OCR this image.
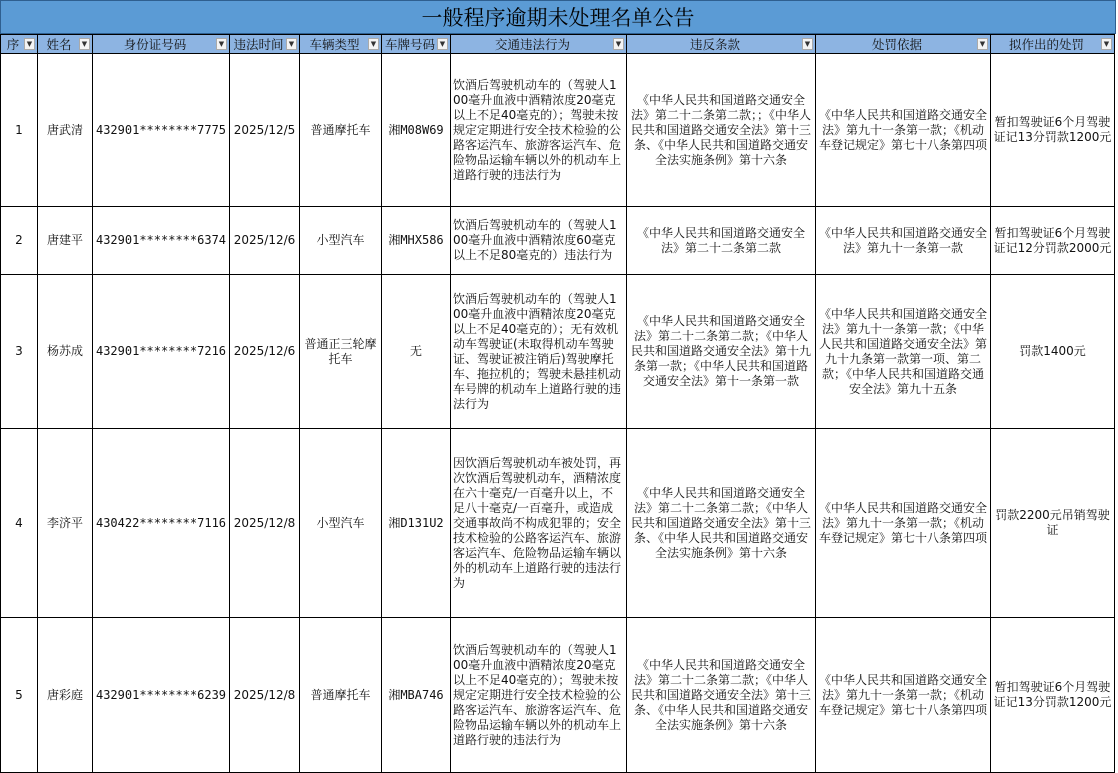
一般程序逾期未处理名单公告
序 ▼	姓名 ▼	身份证号码 ▼	违法时间 ▼	车辆类型 ▼	车牌号码 ▼	交通违法行为 ▼	违反条款 ▼	处罚依据 ▼	拟作出的处罚 ▼

1	唐武清	432901********7775	2025/12/5	普通摩托车	湘M08W69	饮酒后驾驶机动车的（驾驶人100毫升血液中酒精浓度20毫克以上不足40毫克的）；驾驶未按规定定期进行安全技术检验的公路客运汽车、旅游客运汽车、危险物品运输车辆以外的机动车上道路行驶的违法行为	《中华人民共和国道路交通安全法》第二十二条第二款；；《中华人民共和国道路交通安全法》第十三条、《中华人民共和国道路交通安全法实施条例》第十六条	《中华人民共和国道路交通安全法》第九十一条第一款；《机动车登记规定》第七十八条第四项	暂扣驾驶证6个月驾驶证记13分罚款1200元
2	唐建平	432901********6374	2025/12/6	小型汽车	湘MHX586	饮酒后驾驶机动车的（驾驶人100毫升血液中酒精浓度60毫克以上不足80毫克的）违法行为	《中华人民共和国道路交通安全法》第二十二条第二款	《中华人民共和国道路交通安全法》第九十一条第一款	暂扣驾驶证6个月驾驶证记12分罚款2000元
3	杨苏成	432901********7216	2025/12/6	普通正三轮摩托车	无	饮酒后驾驶机动车的（驾驶人100毫升血液中酒精浓度20毫克以上不足40毫克的）；无有效机动车驾驶证(未取得机动车驾驶证、驾驶证被注销后)驾驶摩托车、拖拉机的；驾驶未悬挂机动车号牌的机动车上道路行驶的违法行为	《中华人民共和国道路交通安全法》第二十二条第二款；《中华人民共和国道路交通安全法》第十九条第一款；《中华人民共和国道路交通安全法》第十一条第一款	《中华人民共和国道路交通安全法》第九十一条第一款；《中华人民共和国道路交通安全法》第九十九条第一款第一项、第二款；《中华人民共和国道路交通安全法》第九十五条	罚款1400元
4	李济平	430422********7116	2025/12/8	小型汽车	湘D131U2	因饮酒后驾驶机动车被处罚，再次饮酒后驾驶机动车，酒精浓度在六十毫克/一百毫升以上，不足八十毫克/一百毫升，或造成交通事故尚不构成犯罪的；安全技术检验的公路客运汽车、旅游客运汽车、危险物品运输车辆以外的机动车上道路行驶的违法行为	《中华人民共和国道路交通安全法》第二十二条第二款；《中华人民共和国道路交通安全法》第十三条、《中华人民共和国道路交通安全法实施条例》第十六条	《中华人民共和国道路交通安全法》第九十一条第一款；《机动车登记规定》第七十八条第四项	罚款2200元吊销驾驶证
5	唐彩庭	432901********6239	2025/12/8	普通摩托车	湘MBA746	饮酒后驾驶机动车的（驾驶人100毫升血液中酒精浓度20毫克以上不足40毫克的）；驾驶未按规定定期进行安全技术检验的公路客运汽车、旅游客运汽车、危险物品运输车辆以外的机动车上道路行驶的违法行为	《中华人民共和国道路交通安全法》第二十二条第二款；《中华人民共和国道路交通安全法》第十三条、《中华人民共和国道路交通安全法实施条例》第十六条	《中华人民共和国道路交通安全法》第九十一条第一款；《机动车登记规定》第七十八条第四项	暂扣驾驶证6个月驾驶证记13分罚款1200元
